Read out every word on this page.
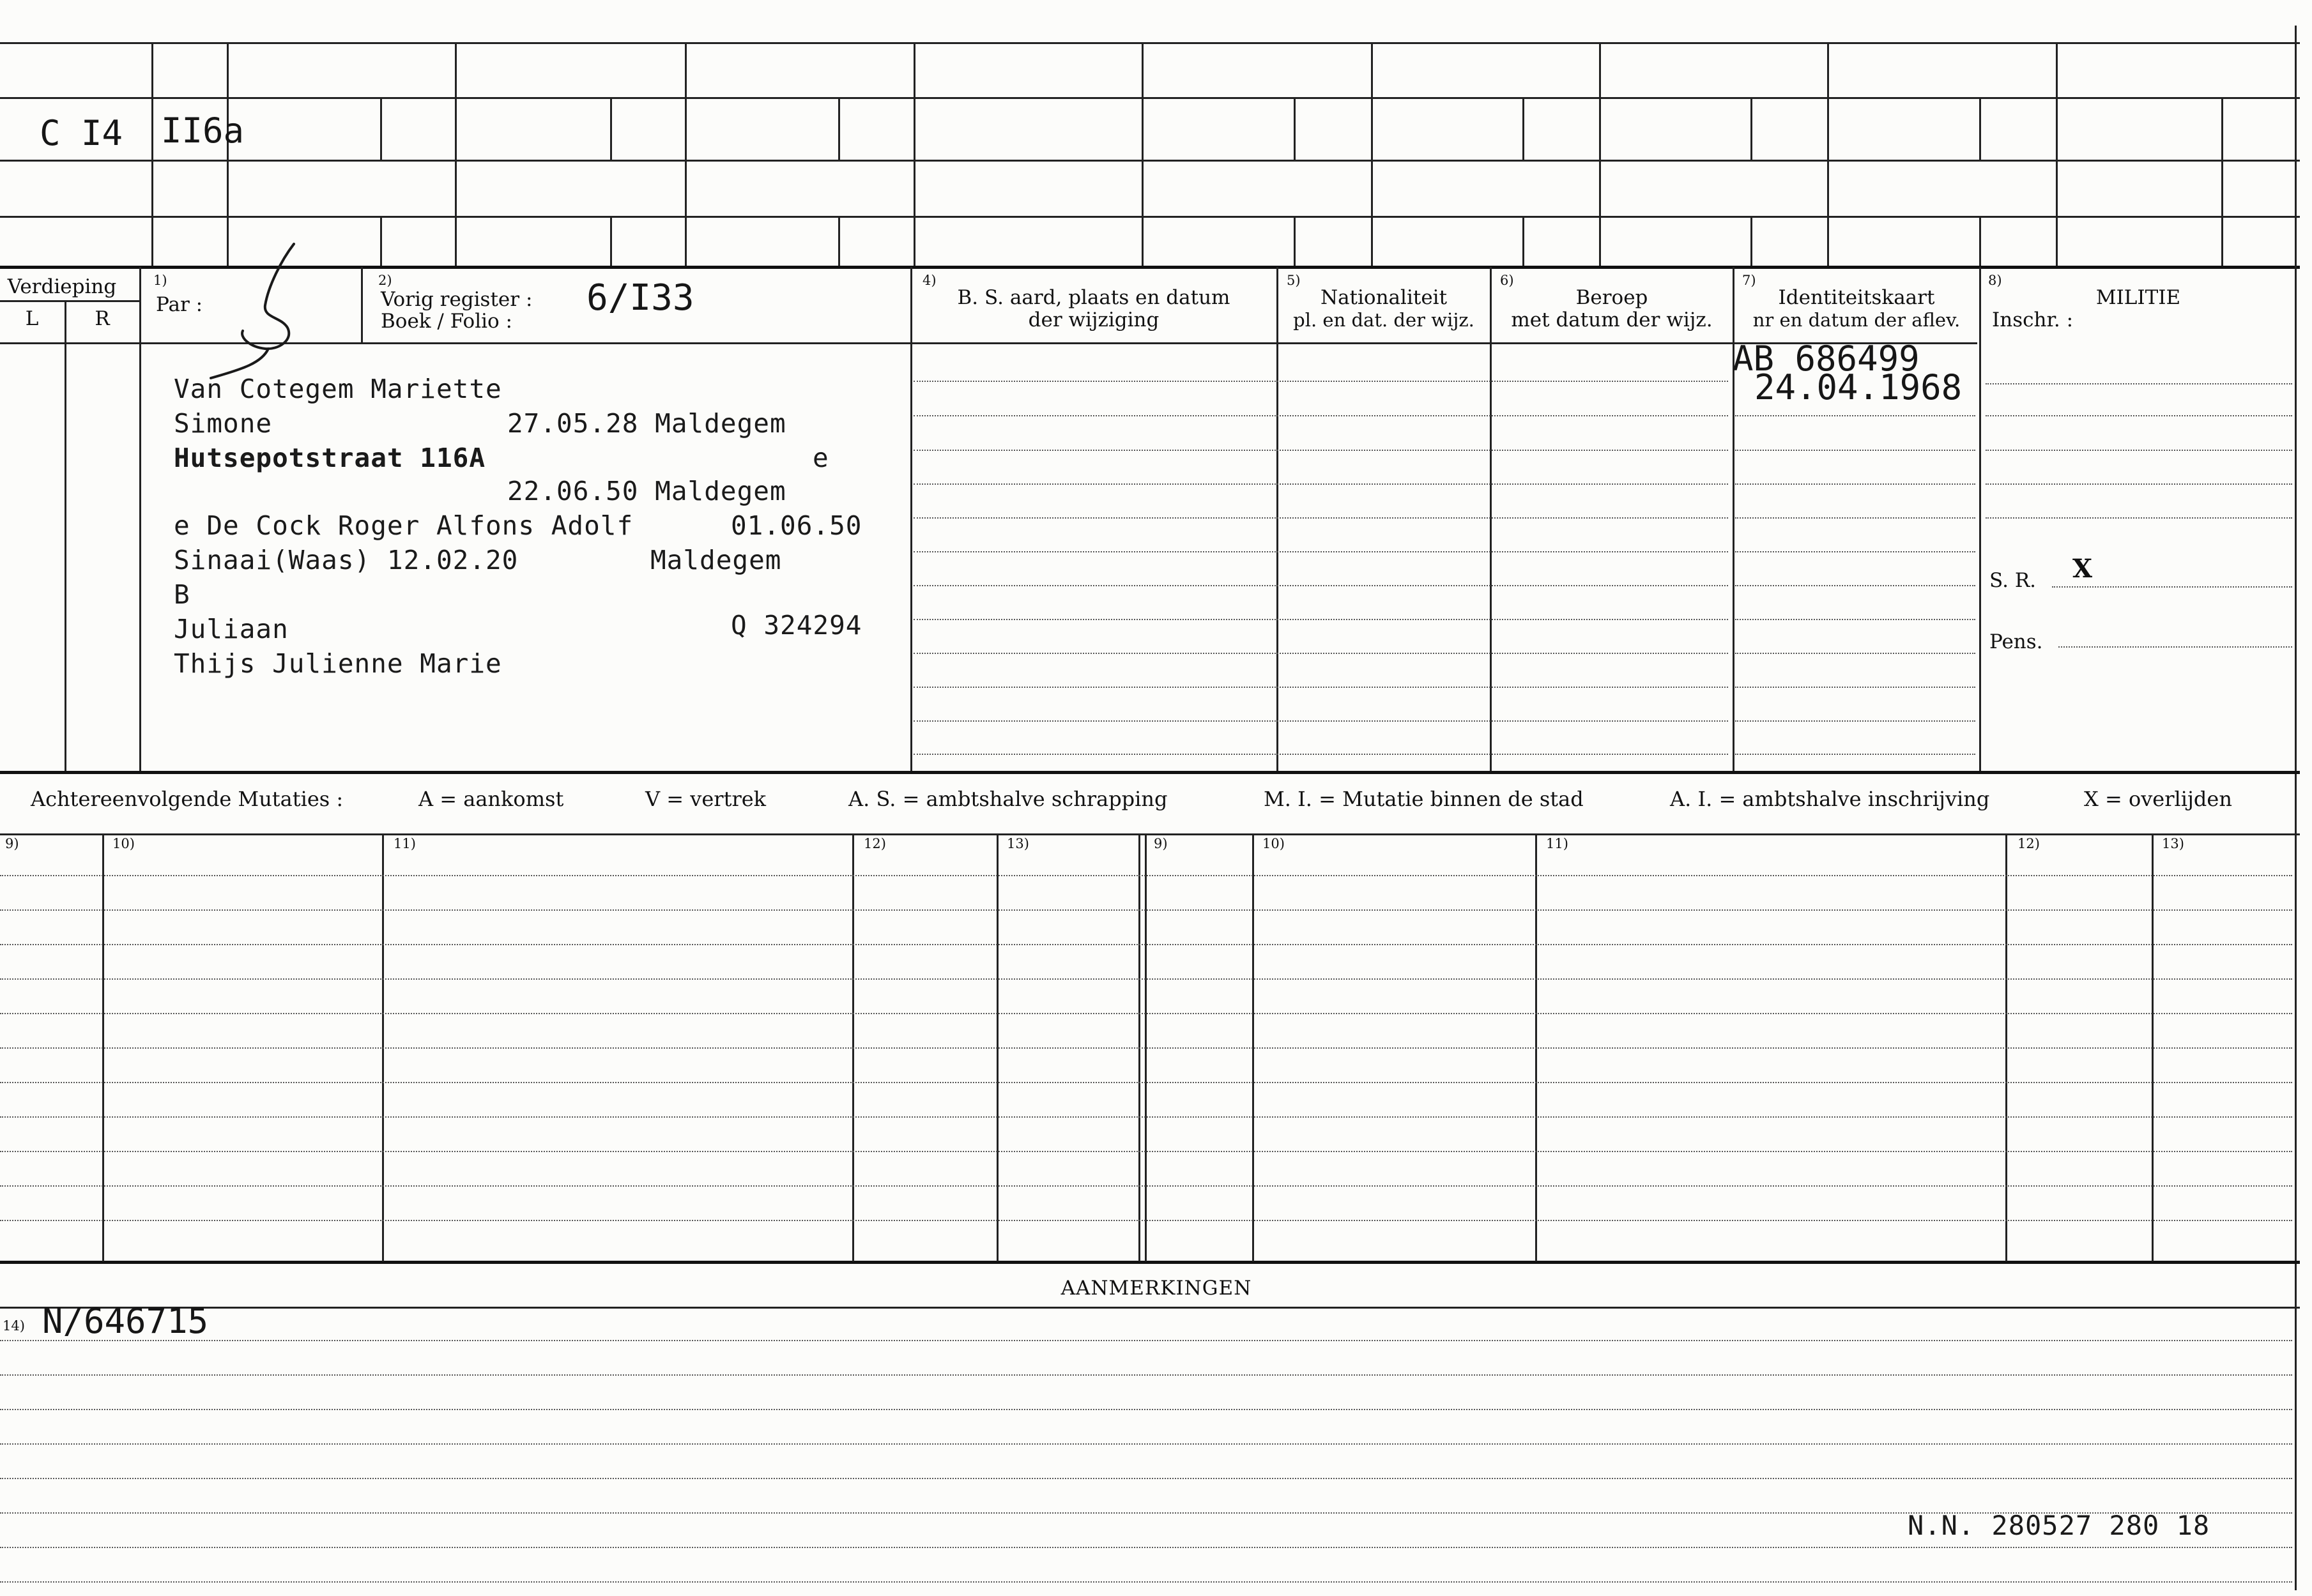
C I4 II6a
Verdieping
L	R
1)
Par :
2)
Vorig register :
Boek / Folio :
6/I33	4)
B. S. aard, plaats en datum
der wijziging
5)
Nationaliteit
pl. en dat. der wijz.
6)
Beroep
met datum der wijz.
7)
Identiteitskaart
nr en datum der aflev.
8)
MILITIE
Inschr. :
S. R. X
Pens.
AB 686499
24.04.1968
Van Cotegem Mariette
Simone	27.05.28 Maldegem
Hutsepotstraat 116A	e
22.06.50 Maldegem
e De Cock Roger Alfons Adolf	01.06.50
Sinaai(Waas) 12.02.20	Maldegem
B
Juliaan	Q 324294
Thijs Julienne Marie
Achtereenvolgende Mutaties :	A = aankomst	V = vertrek	A. S. = ambtshalve schrapping	M. I. = Mutatie binnen de stad	A. I. = ambtshalve inschrijving	X = overlijden
9)	10)	11)	12)	13)	9)	10)	11)	12)	13)
AANMERKINGEN
14) N/646715
N.N. 280527 280 18
